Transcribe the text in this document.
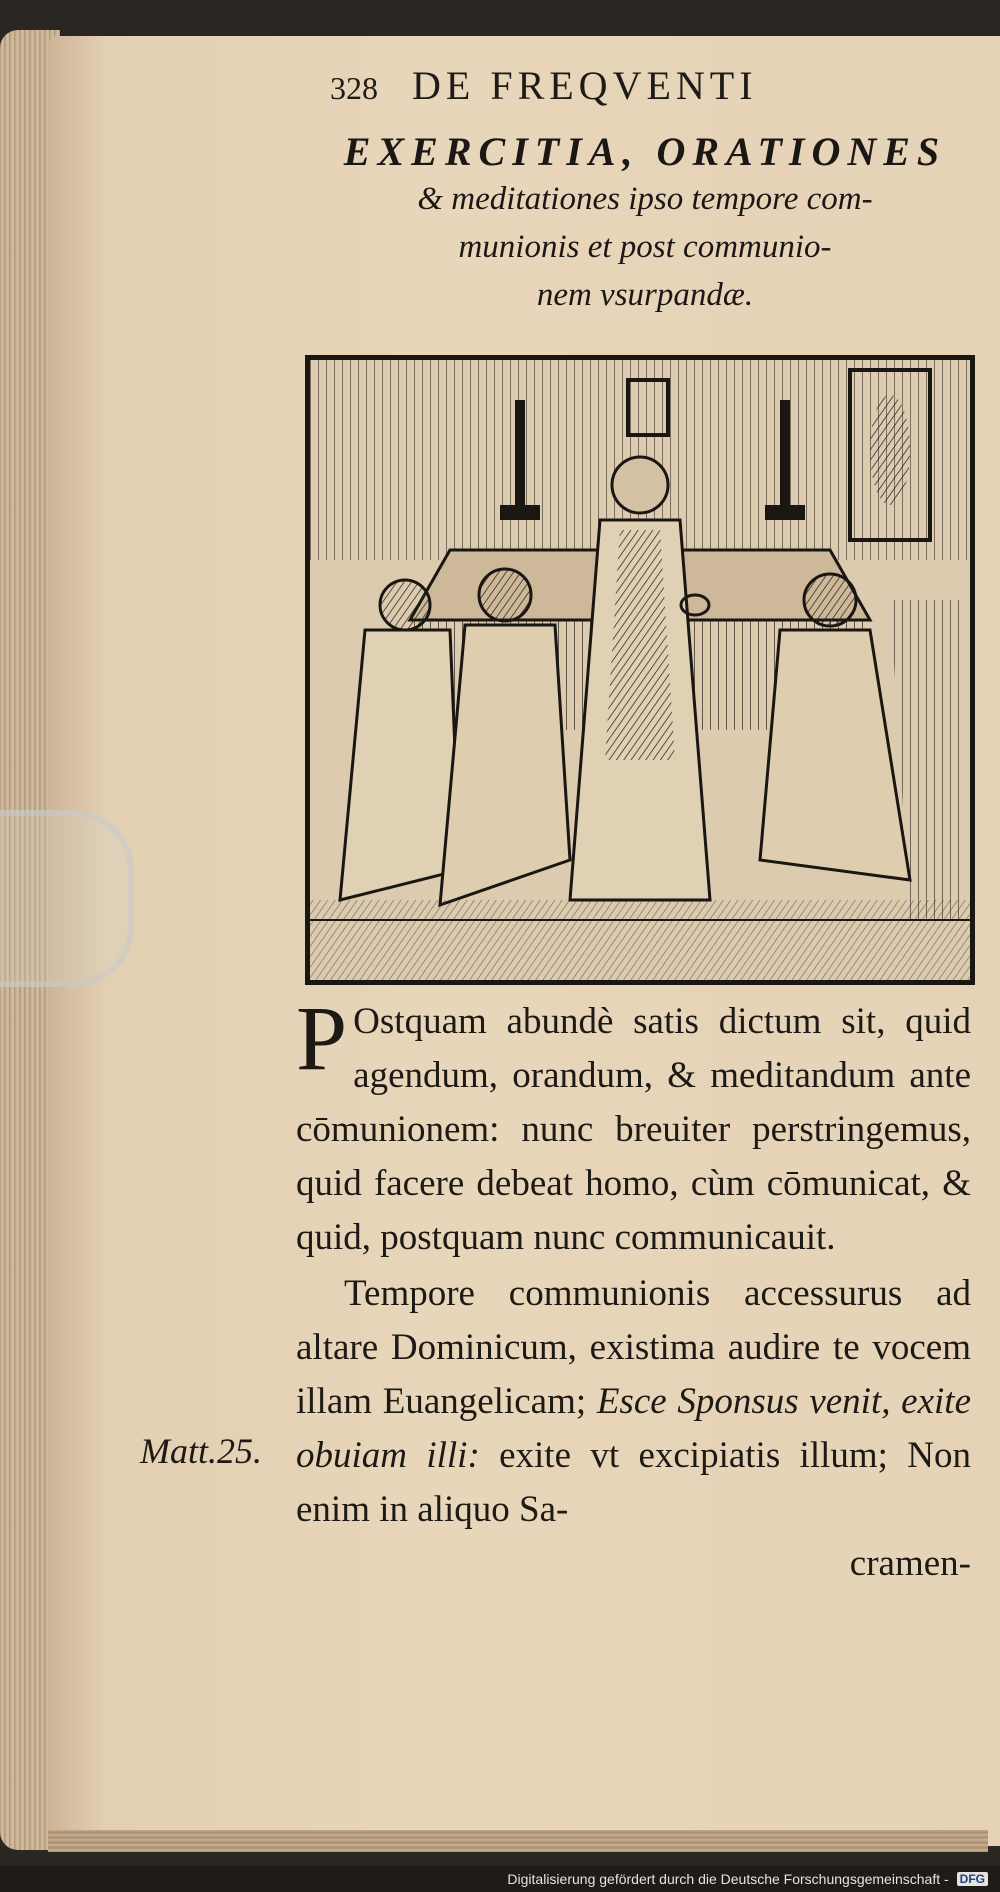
328 DE FREQVENTI
EXERCITIA, ORATIONES
& meditationes ipso tempore com-
munionis et post communio-
nem vsurpandæ.

P Ostquam abundè satis dictum sit, quid agendum, orandum, & meditandum ante cōmunionem: nunc breuiter perstringemus, quid facere debeat homo, cùm cōmunicat, & quid, postquam nunc communicauit.

Tempore communionis accessurus ad altare Dominicum, existima audire te vocem illam Euangelicam; Esce Sponsus venit, exite obuiam illi: exite vt excipiatis illum; Non enim in aliquo Sa-

cramen-

Matt.25.
Digitalisierung gefördert durch die Deutsche Forschungsgemeinschaft - DFG
